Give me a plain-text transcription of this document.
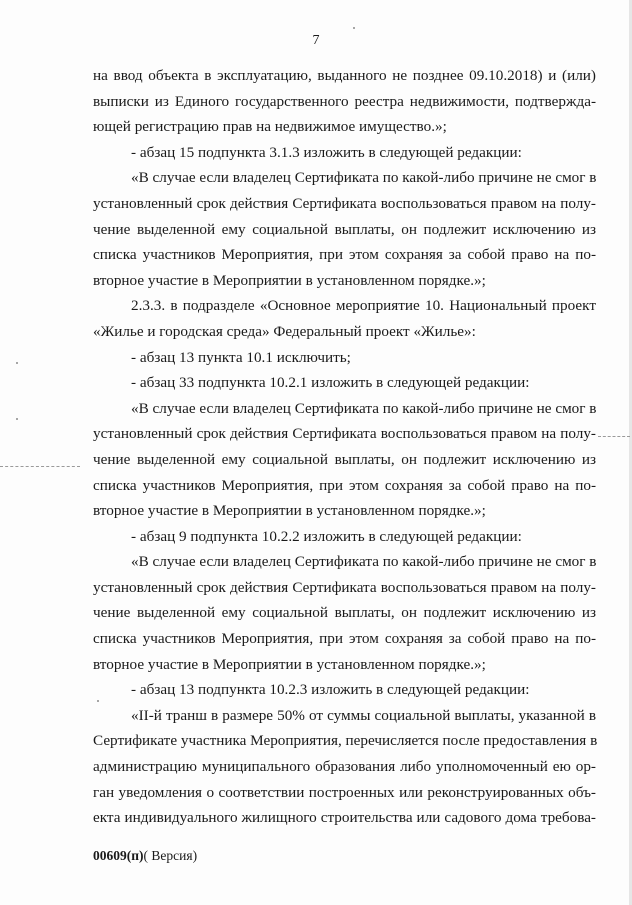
7
на ввод объекта в эксплуатацию, выданного не позднее 09.10.2018) и (или)
выписки из Единого государственного реестра недвижимости, подтвержда-
ющей регистрацию прав на недвижимое имущество.»;
- абзац 15 подпункта 3.1.3 изложить в следующей редакции:
«В случае если владелец Сертификата по какой-либо причине не смог в
установленный срок действия Сертификата воспользоваться правом на полу-
чение выделенной ему социальной выплаты, он подлежит исключению из
списка участников Мероприятия, при этом сохраняя за собой право на по-
вторное участие в Мероприятии в установленном порядке.»;
2.3.3. в подразделе «Основное мероприятие 10. Национальный проект
«Жилье и городская среда» Федеральный проект «Жилье»:
- абзац 13 пункта 10.1 исключить;
- абзац 33 подпункта 10.2.1 изложить в следующей редакции:
«В случае если владелец Сертификата по какой-либо причине не смог в
установленный срок действия Сертификата воспользоваться правом на полу-
чение выделенной ему социальной выплаты, он подлежит исключению из
списка участников Мероприятия, при этом сохраняя за собой право на по-
вторное участие в Мероприятии в установленном порядке.»;
- абзац 9 подпункта 10.2.2 изложить в следующей редакции:
«В случае если владелец Сертификата по какой-либо причине не смог в
установленный срок действия Сертификата воспользоваться правом на полу-
чение выделенной ему социальной выплаты, он подлежит исключению из
списка участников Мероприятия, при этом сохраняя за собой право на по-
вторное участие в Мероприятии в установленном порядке.»;
- абзац 13 подпункта 10.2.3 изложить в следующей редакции:
«II-й транш в размере 50% от суммы социальной выплаты, указанной в
Сертификате участника Мероприятия, перечисляется после предоставления в
администрацию муниципального образования либо уполномоченный ею ор-
ган уведомления о соответствии построенных или реконструированных объ-
екта индивидуального жилищного строительства или садового дома требова-
00609(п)( Версия)
